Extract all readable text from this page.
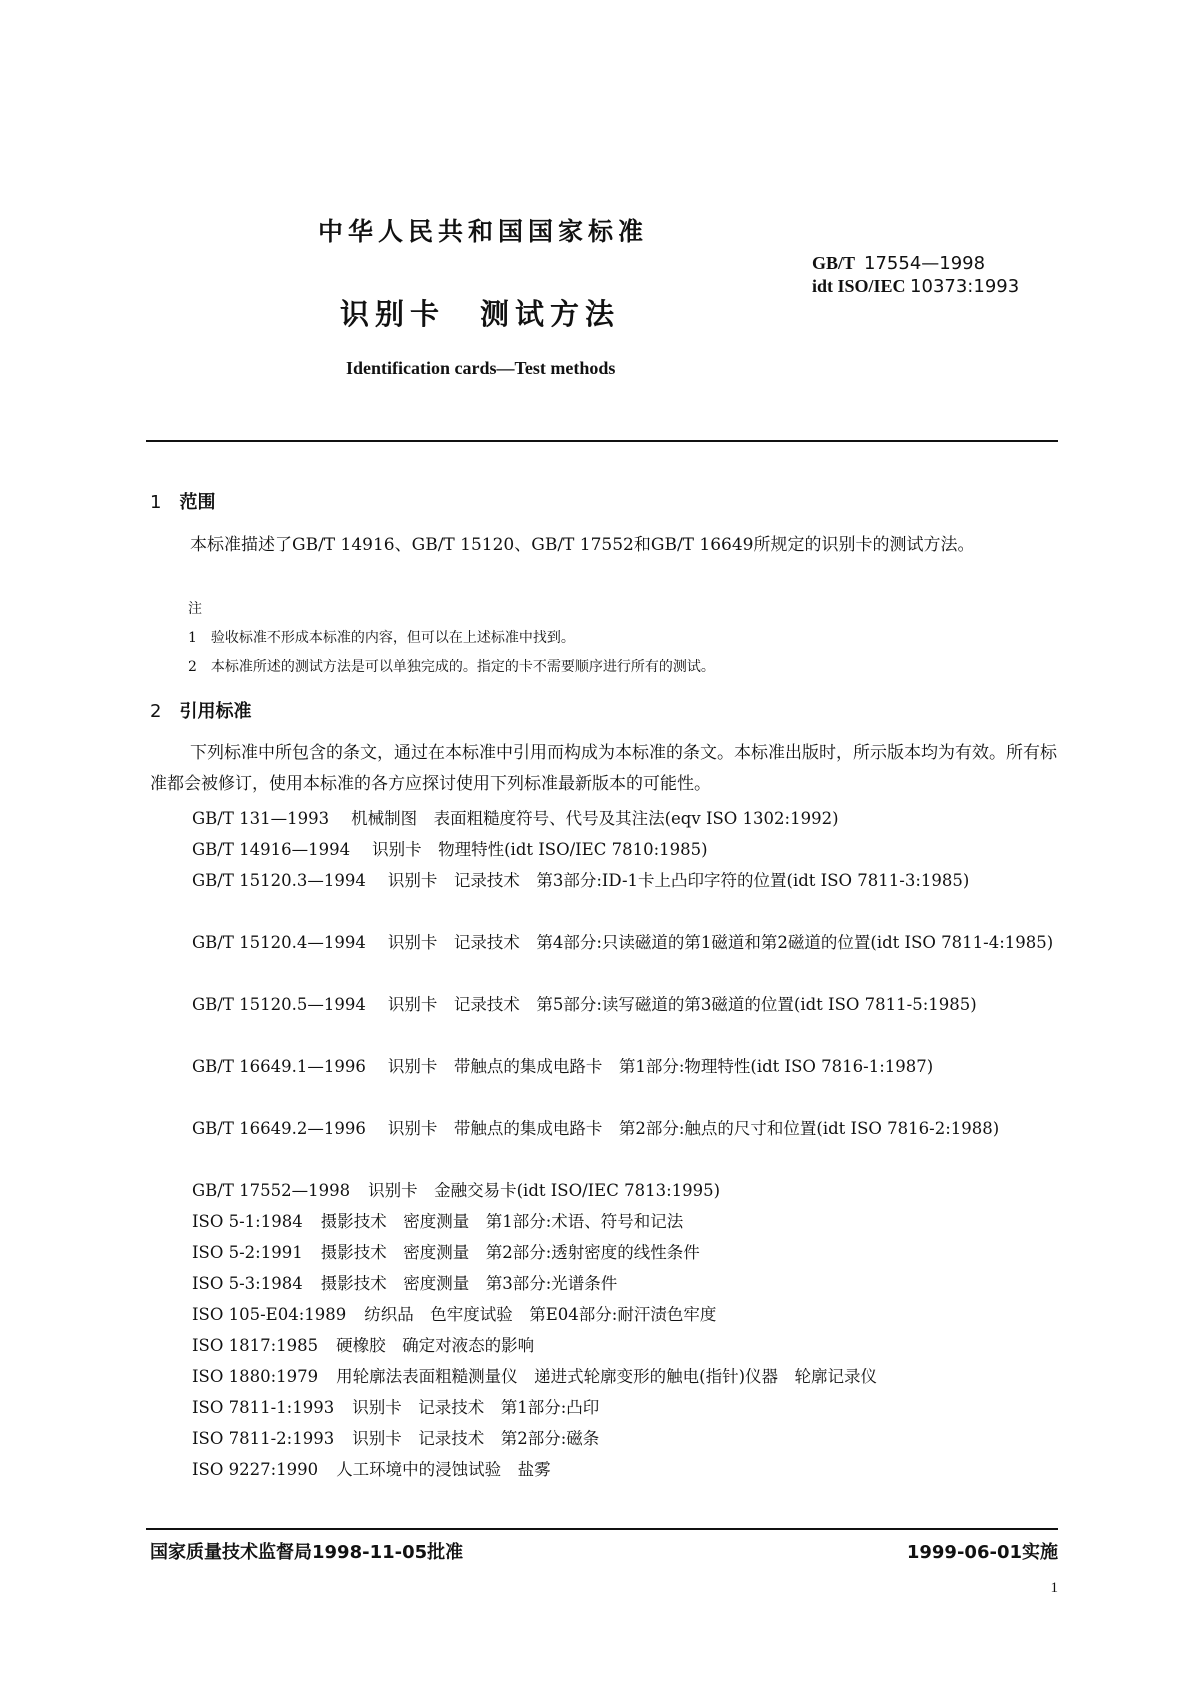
中华人民共和国国家标准
识别卡　测试方法
Identification cards—Test methods
GB/T 17554—1998
idt ISO/IEC 10373:1993
1 范围
本标准描述了GB/T 14916、GB/T 15120、GB/T 17552和GB/T 16649所规定的识别卡的测试方法。
注
1　验收标准不形成本标准的内容，但可以在上述标准中找到。
2　本标准所述的测试方法是可以单独完成的。指定的卡不需要顺序进行所有的测试。
2 引用标准
下列标准中所包含的条文，通过在本标准中引用而构成为本标准的条文。本标准出版时，所示版本均为有效。所有标准都会被修订，使用本标准的各方应探讨使用下列标准最新版本的可能性。
GB/T 131—1993 机械制图　表面粗糙度符号、代号及其注法(eqv ISO 1302:1992)
GB/T 14916—1994 识别卡　物理特性(idt ISO/IEC 7810:1985)
GB/T 15120.3—1994 识别卡　记录技术　第3部分:ID-1卡上凸印字符的位置(idt ISO 7811-3:1985)
GB/T 15120.4—1994 识别卡　记录技术　第4部分:只读磁道的第1磁道和第2磁道的位置(idt ISO 7811-4:1985)
GB/T 15120.5—1994 识别卡　记录技术　第5部分:读写磁道的第3磁道的位置(idt ISO 7811-5:1985)
GB/T 16649.1—1996 识别卡　带触点的集成电路卡　第1部分:物理特性(idt ISO 7816-1:1987)
GB/T 16649.2—1996 识别卡　带触点的集成电路卡　第2部分:触点的尺寸和位置(idt ISO 7816-2:1988)
GB/T 17552—1998 识别卡　金融交易卡(idt ISO/IEC 7813:1995)
ISO 5-1:1984 摄影技术　密度测量　第1部分:术语、符号和记法
ISO 5-2:1991 摄影技术　密度测量　第2部分:透射密度的线性条件
ISO 5-3:1984 摄影技术　密度测量　第3部分:光谱条件
ISO 105-E04:1989 纺织品　色牢度试验　第E04部分:耐汗渍色牢度
ISO 1817:1985 硬橡胶　确定对液态的影响
ISO 1880:1979 用轮廓法表面粗糙测量仪　递进式轮廓变形的触电(指针)仪器　轮廓记录仪
ISO 7811-1:1993 识别卡　记录技术　第1部分:凸印
ISO 7811-2:1993 识别卡　记录技术　第2部分:磁条
ISO 9227:1990 人工环境中的浸蚀试验　盐雾
国家质量技术监督局1998-11-05批准	1999-06-01实施
1
